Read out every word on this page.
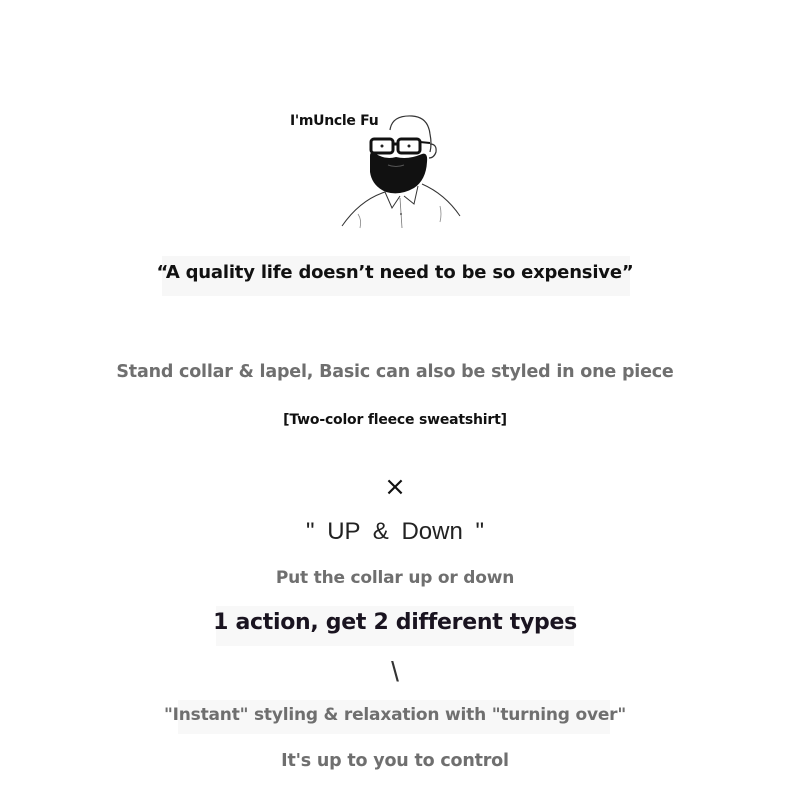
I'mUncle Fu
“A quality life doesn’t need to be so expensive”
Stand collar & lapel, Basic can also be styled in one piece
[Two-color fleece sweatshirt]
×
" UP & Down "
Put the collar up or down
1 action, get 2 different types
\
"Instant" styling & relaxation with "turning over"
It's up to you to control
